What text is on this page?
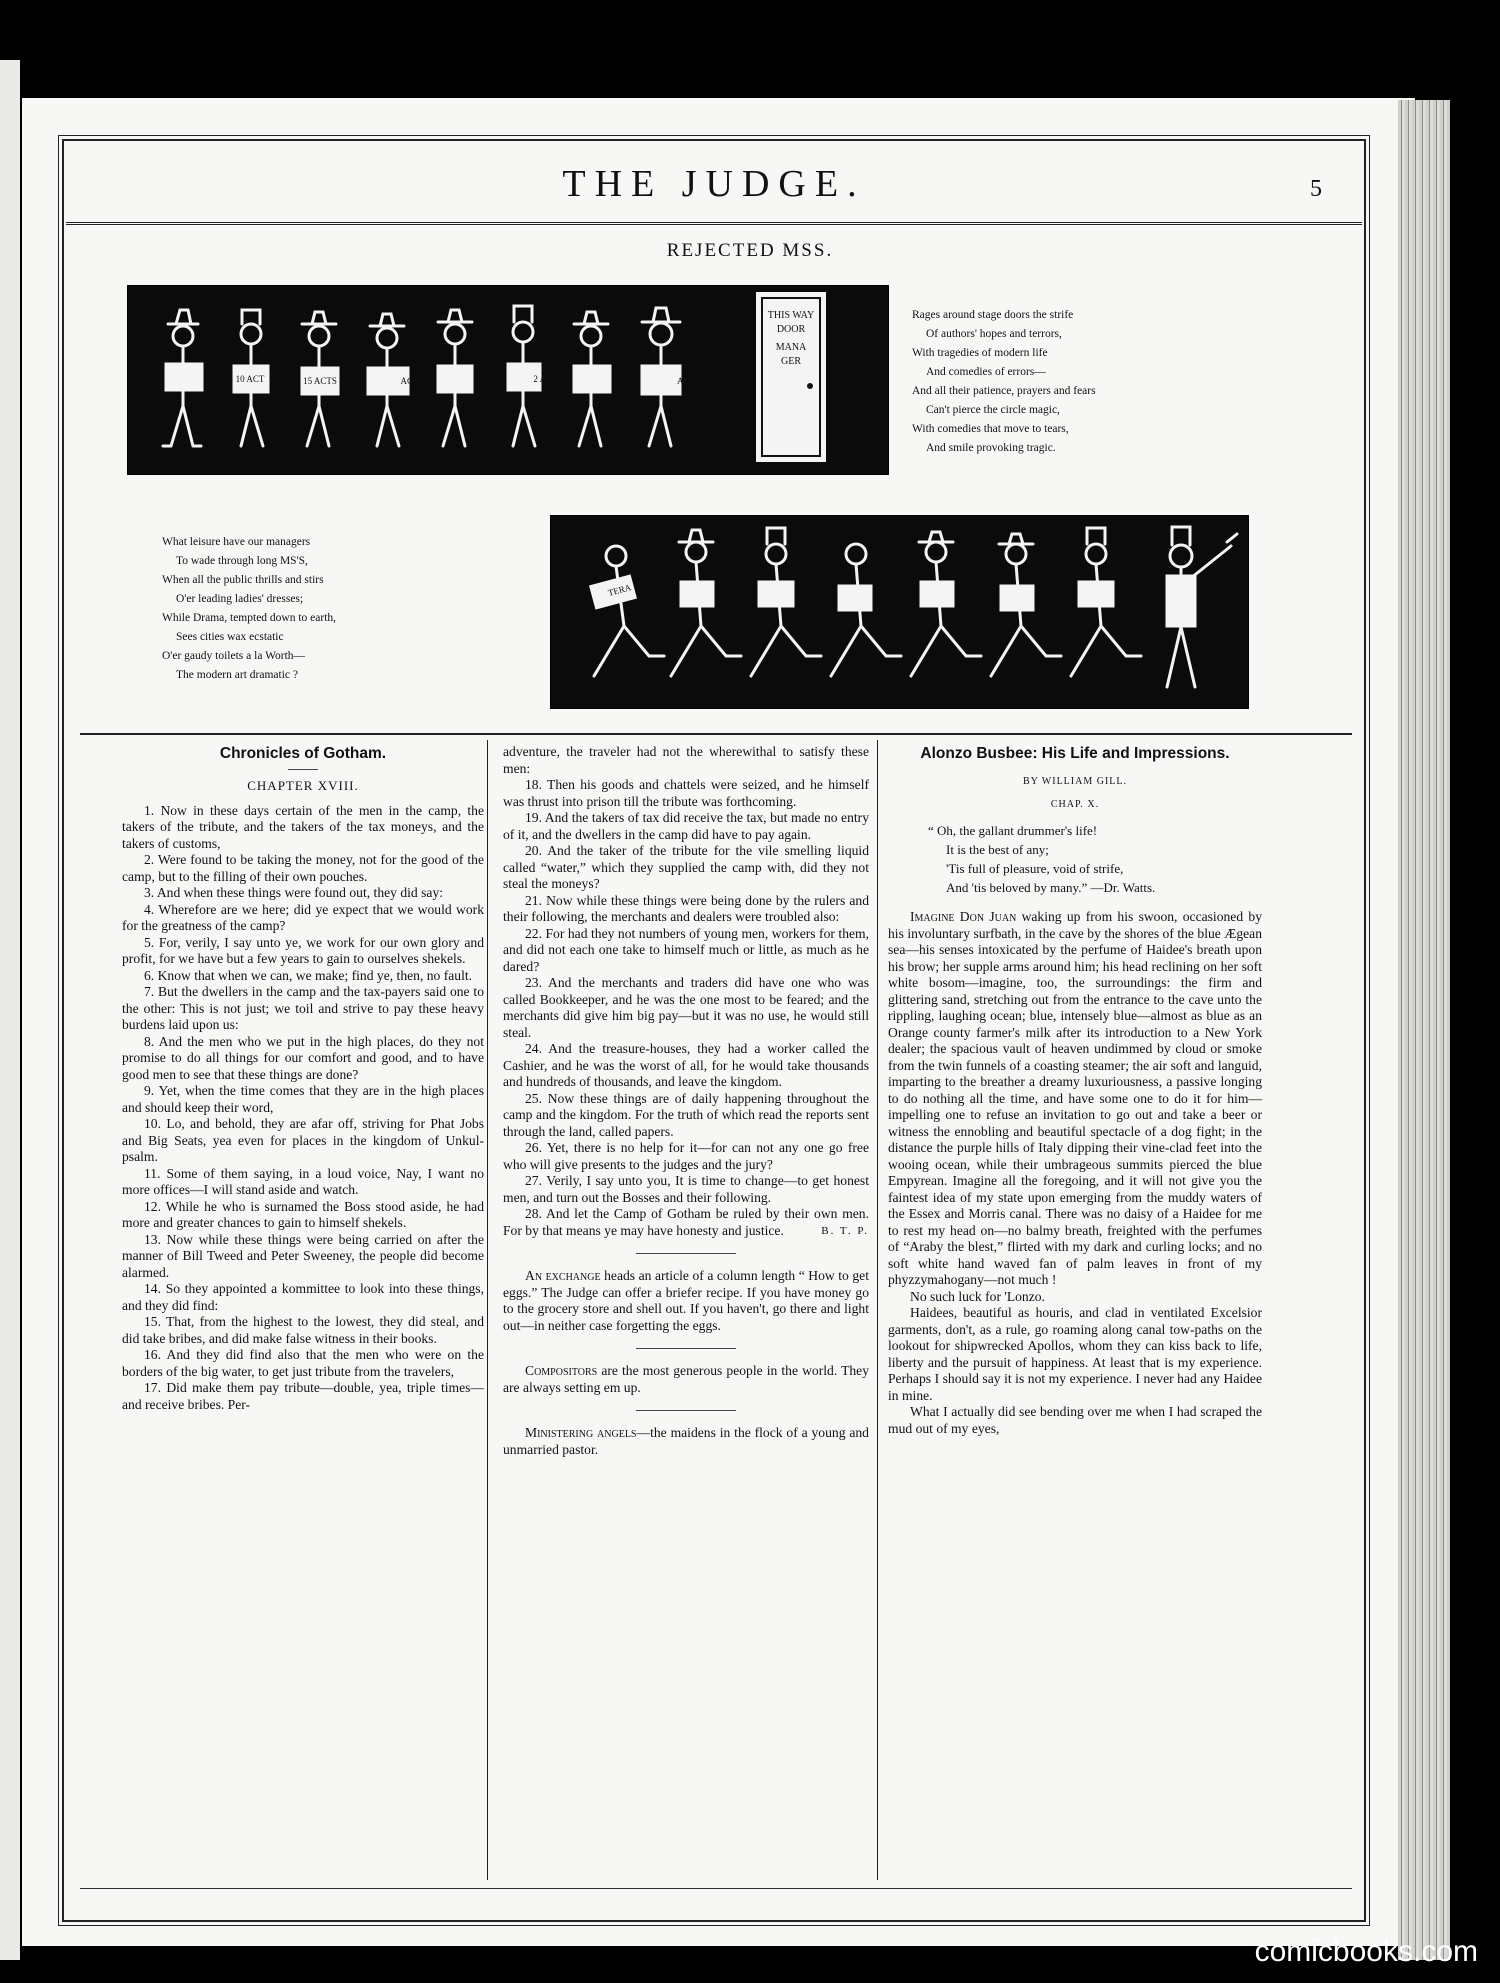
THE JUDGE.	5
REJECTED MSS.
THIS WAY
DOOR
MANA
GER
10 ACT	15 ACTS	ACTS	2 ACTS	ACT
Rages around stage doors the strife
Of authors' hopes and terrors,
With tragedies of modern life
And comedies of errors—
And all their patience, prayers and fears
Can't pierce the circle magic,
With comedies that move to tears,
And smile provoking tragic.
What leisure have our managers
To wade through long MS'S,
When all the public thrills and stirs
O'er leading ladies' dresses;
While Drama, tempted down to earth,
Sees cities wax ecstatic
O'er gaudy toilets a la Worth—
The modern art dramatic ?
TERA
Chronicles of Gotham.
CHAPTER XVIII.

1. Now in these days certain of the men in the camp, the takers of the tribute, and the takers of the tax moneys, and the takers of customs,

2. Were found to be taking the money, not for the good of the camp, but to the filling of their own pouches.

3. And when these things were found out, they did say:

4. Wherefore are we here; did ye expect that we would work for the greatness of the camp?

5. For, verily, I say unto ye, we work for our own glory and profit, for we have but a few years to gain to ourselves shekels.

6. Know that when we can, we make; find ye, then, no fault.

7. But the dwellers in the camp and the tax-payers said one to the other: This is not just; we toil and strive to pay these heavy burdens laid upon us:

8. And the men who we put in the high places, do they not promise to do all things for our comfort and good, and to have good men to see that these things are done?

9. Yet, when the time comes that they are in the high places and should keep their word,

10. Lo, and behold, they are afar off, striving for Phat Jobs and Big Seats, yea even for places in the kingdom of Unkul-psalm.

11. Some of them saying, in a loud voice, Nay, I want no more offices—I will stand aside and watch.

12. While he who is surnamed the Boss stood aside, he had more and greater chances to gain to himself shekels.

13. Now while these things were being carried on after the manner of Bill Tweed and Peter Sweeney, the people did become alarmed.

14. So they appointed a kommittee to look into these things, and they did find:

15. That, from the highest to the lowest, they did steal, and did take bribes, and did make false witness in their books.

16. And they did find also that the men who were on the borders of the big water, to get just tribute from the travelers,

17. Did make them pay tribute—double, yea, triple times—and receive bribes. Per-

adventure, the traveler had not the wherewithal to satisfy these men:

18. Then his goods and chattels were seized, and he himself was thrust into prison till the tribute was forthcoming.

19. And the takers of tax did receive the tax, but made no entry of it, and the dwellers in the camp did have to pay again.

20. And the taker of the tribute for the vile smelling liquid called “water,” which they supplied the camp with, did they not steal the moneys?

21. Now while these things were being done by the rulers and their following, the merchants and dealers were troubled also:

22. For had they not numbers of young men, workers for them, and did not each one take to himself much or little, as much as he dared?

23. And the merchants and traders did have one who was called Bookkeeper, and he was the one most to be feared; and the merchants did give him big pay—but it was no use, he would still steal.

24. And the treasure-houses, they had a worker called the Cashier, and he was the worst of all, for he would take thousands and hundreds of thousands, and leave the kingdom.

25. Now these things are of daily happening throughout the camp and the kingdom. For the truth of which read the reports sent through the land, called papers.

26. Yet, there is no help for it—for can not any one go free who will give presents to the judges and the jury?

27. Verily, I say unto you, It is time to change—to get honest men, and turn out the Bosses and their following.

28. And let the Camp of Gotham be ruled by their own men. For by that means ye may have honesty and justice.	B. T. P.

An exchange heads an article of a column length “ How to get eggs.” The Judge can offer a briefer recipe. If you have money go to the grocery store and shell out. If you haven't, go there and light out—in neither case forgetting the eggs.

Compositors are the most generous people in the world. They are always setting em up.

Ministering angels—the maidens in the flock of a young and unmarried pastor.

Alonzo Busbee: His Life and Impressions.
BY WILLIAM GILL.
CHAP. X.
“ Oh, the gallant drummer's life!
It is the best of any;
'Tis full of pleasure, void of strife,
And 'tis beloved by many.” —Dr. Watts.

Imagine Don Juan waking up from his swoon, occasioned by his involuntary surfbath, in the cave by the shores of the blue Ægean sea—his senses intoxicated by the perfume of Haidee's breath upon his brow; her supple arms around him; his head reclining on her soft white bosom—imagine, too, the surroundings: the firm and glittering sand, stretching out from the entrance to the cave unto the rippling, laughing ocean; blue, intensely blue—almost as blue as an Orange county farmer's milk after its introduction to a New York dealer; the spacious vault of heaven undimmed by cloud or smoke from the twin funnels of a coasting steamer; the air soft and languid, imparting to the breather a dreamy luxuriousness, a passive longing to do nothing all the time, and have some one to do it for him—impelling one to refuse an invitation to go out and take a beer or witness the ennobling and beautiful spectacle of a dog fight; in the distance the purple hills of Italy dipping their vine-clad feet into the wooing ocean, while their umbrageous summits pierced the blue Empyrean. Imagine all the foregoing, and it will not give you the faintest idea of my state upon emerging from the muddy waters of the Essex and Morris canal. There was no daisy of a Haidee for me to rest my head on—no balmy breath, freighted with the perfumes of “Araby the blest,” flirted with my dark and curling locks; and no soft white hand waved fan of palm leaves in front of my phyzzymahogany—not much !

No such luck for 'Lonzo.

Haidees, beautiful as houris, and clad in ventilated Excelsior garments, don't, as a rule, go roaming along canal tow-paths on the lookout for shipwrecked Apollos, whom they can kiss back to life, liberty and the pursuit of happiness. At least that is my experience. Perhaps I should say it is not my experience. I never had any Haidee in mine.

What I actually did see bending over me when I had scraped the mud out of my eyes,

comicbooks.com
